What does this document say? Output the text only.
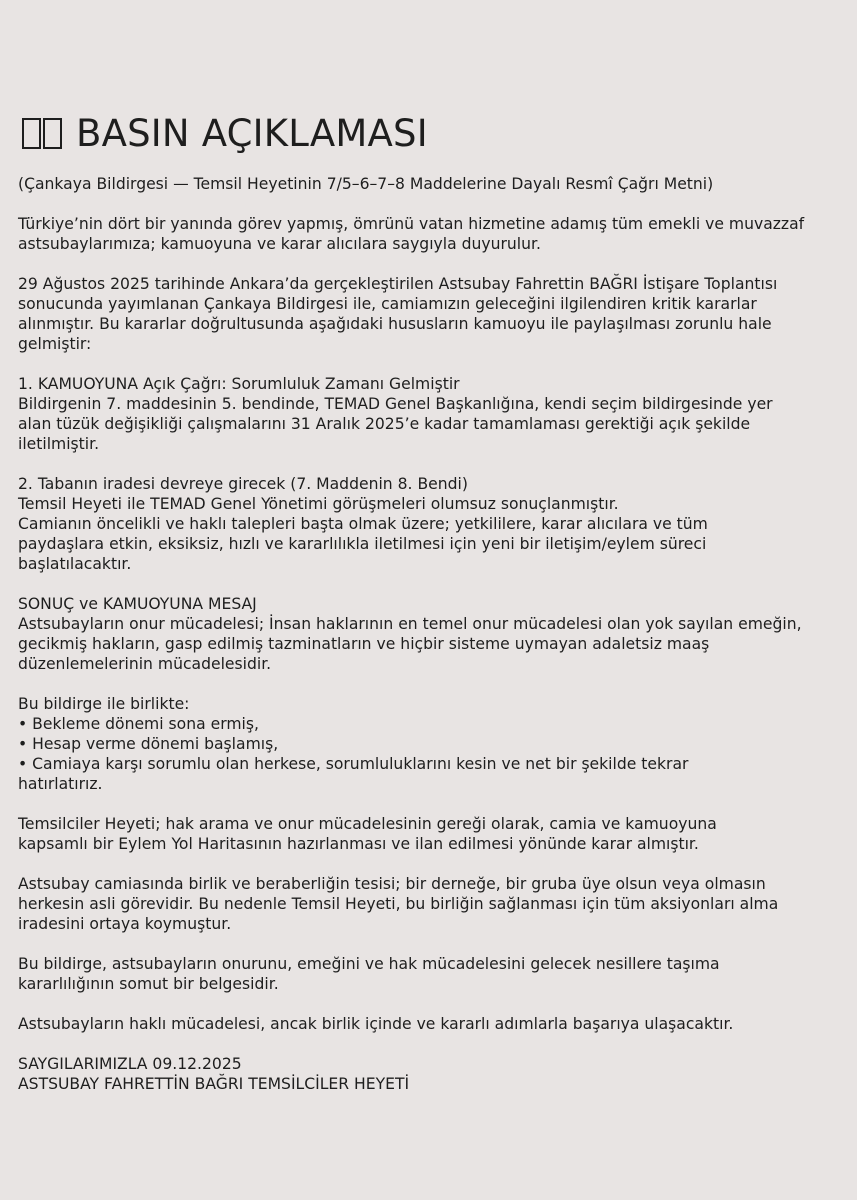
BASIN AÇIKLAMASI
(Çankaya Bildirgesi — Temsil Heyetinin 7/5–6–7–8 Maddelerine Dayalı Resmî Çağrı Metni)
Türkiye’nin dört bir yanında görev yapmış, ömrünü vatan hizmetine adamış tüm emekli ve muvazzaf
astsubaylarımıza; kamuoyuna ve karar alıcılara saygıyla duyurulur.
29 Ağustos 2025 tarihinde Ankara’da gerçekleştirilen Astsubay Fahrettin BAĞRI İstişare Toplantısı
sonucunda yayımlanan Çankaya Bildirgesi ile, camiamızın geleceğini ilgilendiren kritik kararlar
alınmıştır. Bu kararlar doğrultusunda aşağıdaki hususların kamuoyu ile paylaşılması zorunlu hale
gelmiştir:
1. KAMUOYUNA Açık Çağrı: Sorumluluk Zamanı Gelmiştir
Bildirgenin 7. maddesinin 5. bendinde, TEMAD Genel Başkanlığına, kendi seçim bildirgesinde yer
alan tüzük değişikliği çalışmalarını 31 Aralık 2025’e kadar tamamlaması gerektiği açık şekilde
iletilmiştir.
2. Tabanın iradesi devreye girecek (7. Maddenin 8. Bendi)
Temsil Heyeti ile TEMAD Genel Yönetimi görüşmeleri olumsuz sonuçlanmıştır.
Camianın öncelikli ve haklı talepleri başta olmak üzere; yetkililere, karar alıcılara ve tüm
paydaşlara etkin, eksiksiz, hızlı ve kararlılıkla iletilmesi için yeni bir iletişim/eylem süreci
başlatılacaktır.
SONUÇ ve KAMUOYUNA MESAJ
Astsubayların onur mücadelesi; İnsan haklarının en temel onur mücadelesi olan yok sayılan emeğin,
gecikmiş hakların, gasp edilmiş tazminatların ve hiçbir sisteme uymayan adaletsiz maaş
düzenlemelerinin mücadelesidir.
Bu bildirge ile birlikte:
• Bekleme dönemi sona ermiş,
• Hesap verme dönemi başlamış,
• Camiaya karşı sorumlu olan herkese, sorumluluklarını kesin ve net bir şekilde tekrar
hatırlatırız.
Temsilciler Heyeti; hak arama ve onur mücadelesinin gereği olarak, camia ve kamuoyuna
kapsamlı bir Eylem Yol Haritasının hazırlanması ve ilan edilmesi yönünde karar almıştır.
Astsubay camiasında birlik ve beraberliğin tesisi; bir derneğe, bir gruba üye olsun veya olmasın
herkesin asli görevidir. Bu nedenle Temsil Heyeti, bu birliğin sağlanması için tüm aksiyonları alma
iradesini ortaya koymuştur.
Bu bildirge, astsubayların onurunu, emeğini ve hak mücadelesini gelecek nesillere taşıma
kararlılığının somut bir belgesidir.
Astsubayların haklı mücadelesi, ancak birlik içinde ve kararlı adımlarla başarıya ulaşacaktır.
SAYGILARIMIZLA 09.12.2025
ASTSUBAY FAHRETTİN BAĞRI TEMSİLCİLER HEYETİ
